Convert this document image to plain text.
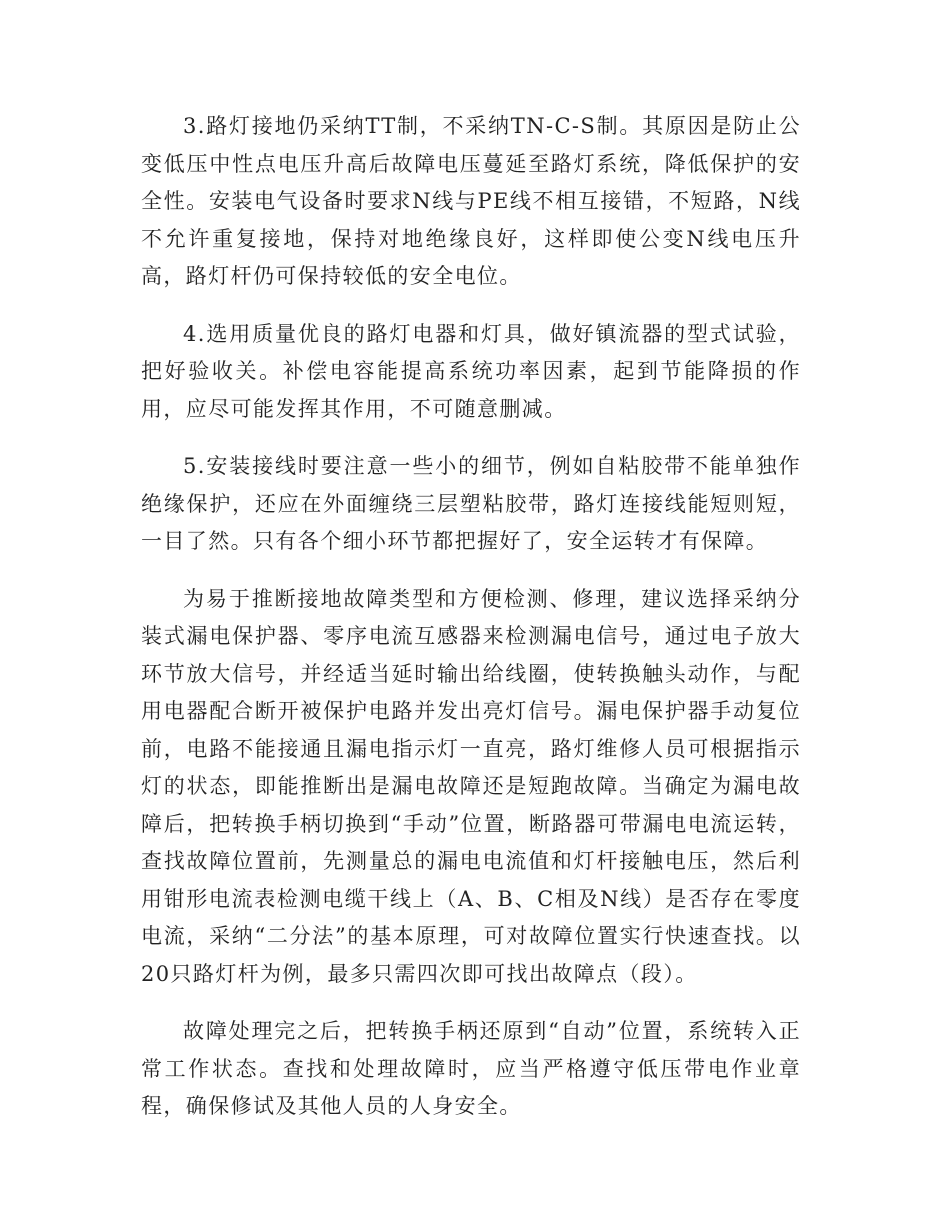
3.路灯接地仍采纳TT制，不采纳TN-C-S制。其原因是防止公变低压中性点电压升高后故障电压蔓延至路灯系统，降低保护的安全性。安装电气设备时要求N线与PE线不相互接错，不短路，N线不允许重复接地，保持对地绝缘良好，这样即使公变N线电压升高，路灯杆仍可保持较低的安全电位。

4.选用质量优良的路灯电器和灯具，做好镇流器的型式试验，把好验收关。补偿电容能提高系统功率因素，起到节能降损的作用，应尽可能发挥其作用，不可随意删减。

5.安装接线时要注意一些小的细节，例如自粘胶带不能单独作绝缘保护，还应在外面缠绕三层塑粘胶带，路灯连接线能短则短，一目了然。只有各个细小环节都把握好了，安全运转才有保障。

为易于推断接地故障类型和方便检测、修理，建议选择采纳分装式漏电保护器、零序电流互感器来检测漏电信号，通过电子放大环节放大信号，并经适当延时输出给线圈，使转换触头动作，与配用电器配合断开被保护电路并发出亮灯信号。漏电保护器手动复位前，电路不能接通且漏电指示灯一直亮，路灯维修人员可根据指示灯的状态，即能推断出是漏电故障还是短跑故障。当确定为漏电故障后，把转换手柄切换到“手动”位置，断路器可带漏电电流运转，查找故障位置前，先测量总的漏电电流值和灯杆接触电压，然后利用钳形电流表检测电缆干线上（A、B、C相及N线）是否存在零度电流，采纳“二分法”的基本原理，可对故障位置实行快速查找。以20只路灯杆为例，最多只需四次即可找出故障点（段）。

故障处理完之后，把转换手柄还原到“自动”位置，系统转入正常工作状态。查找和处理故障时，应当严格遵守低压带电作业章程，确保修试及其他人员的人身安全。
